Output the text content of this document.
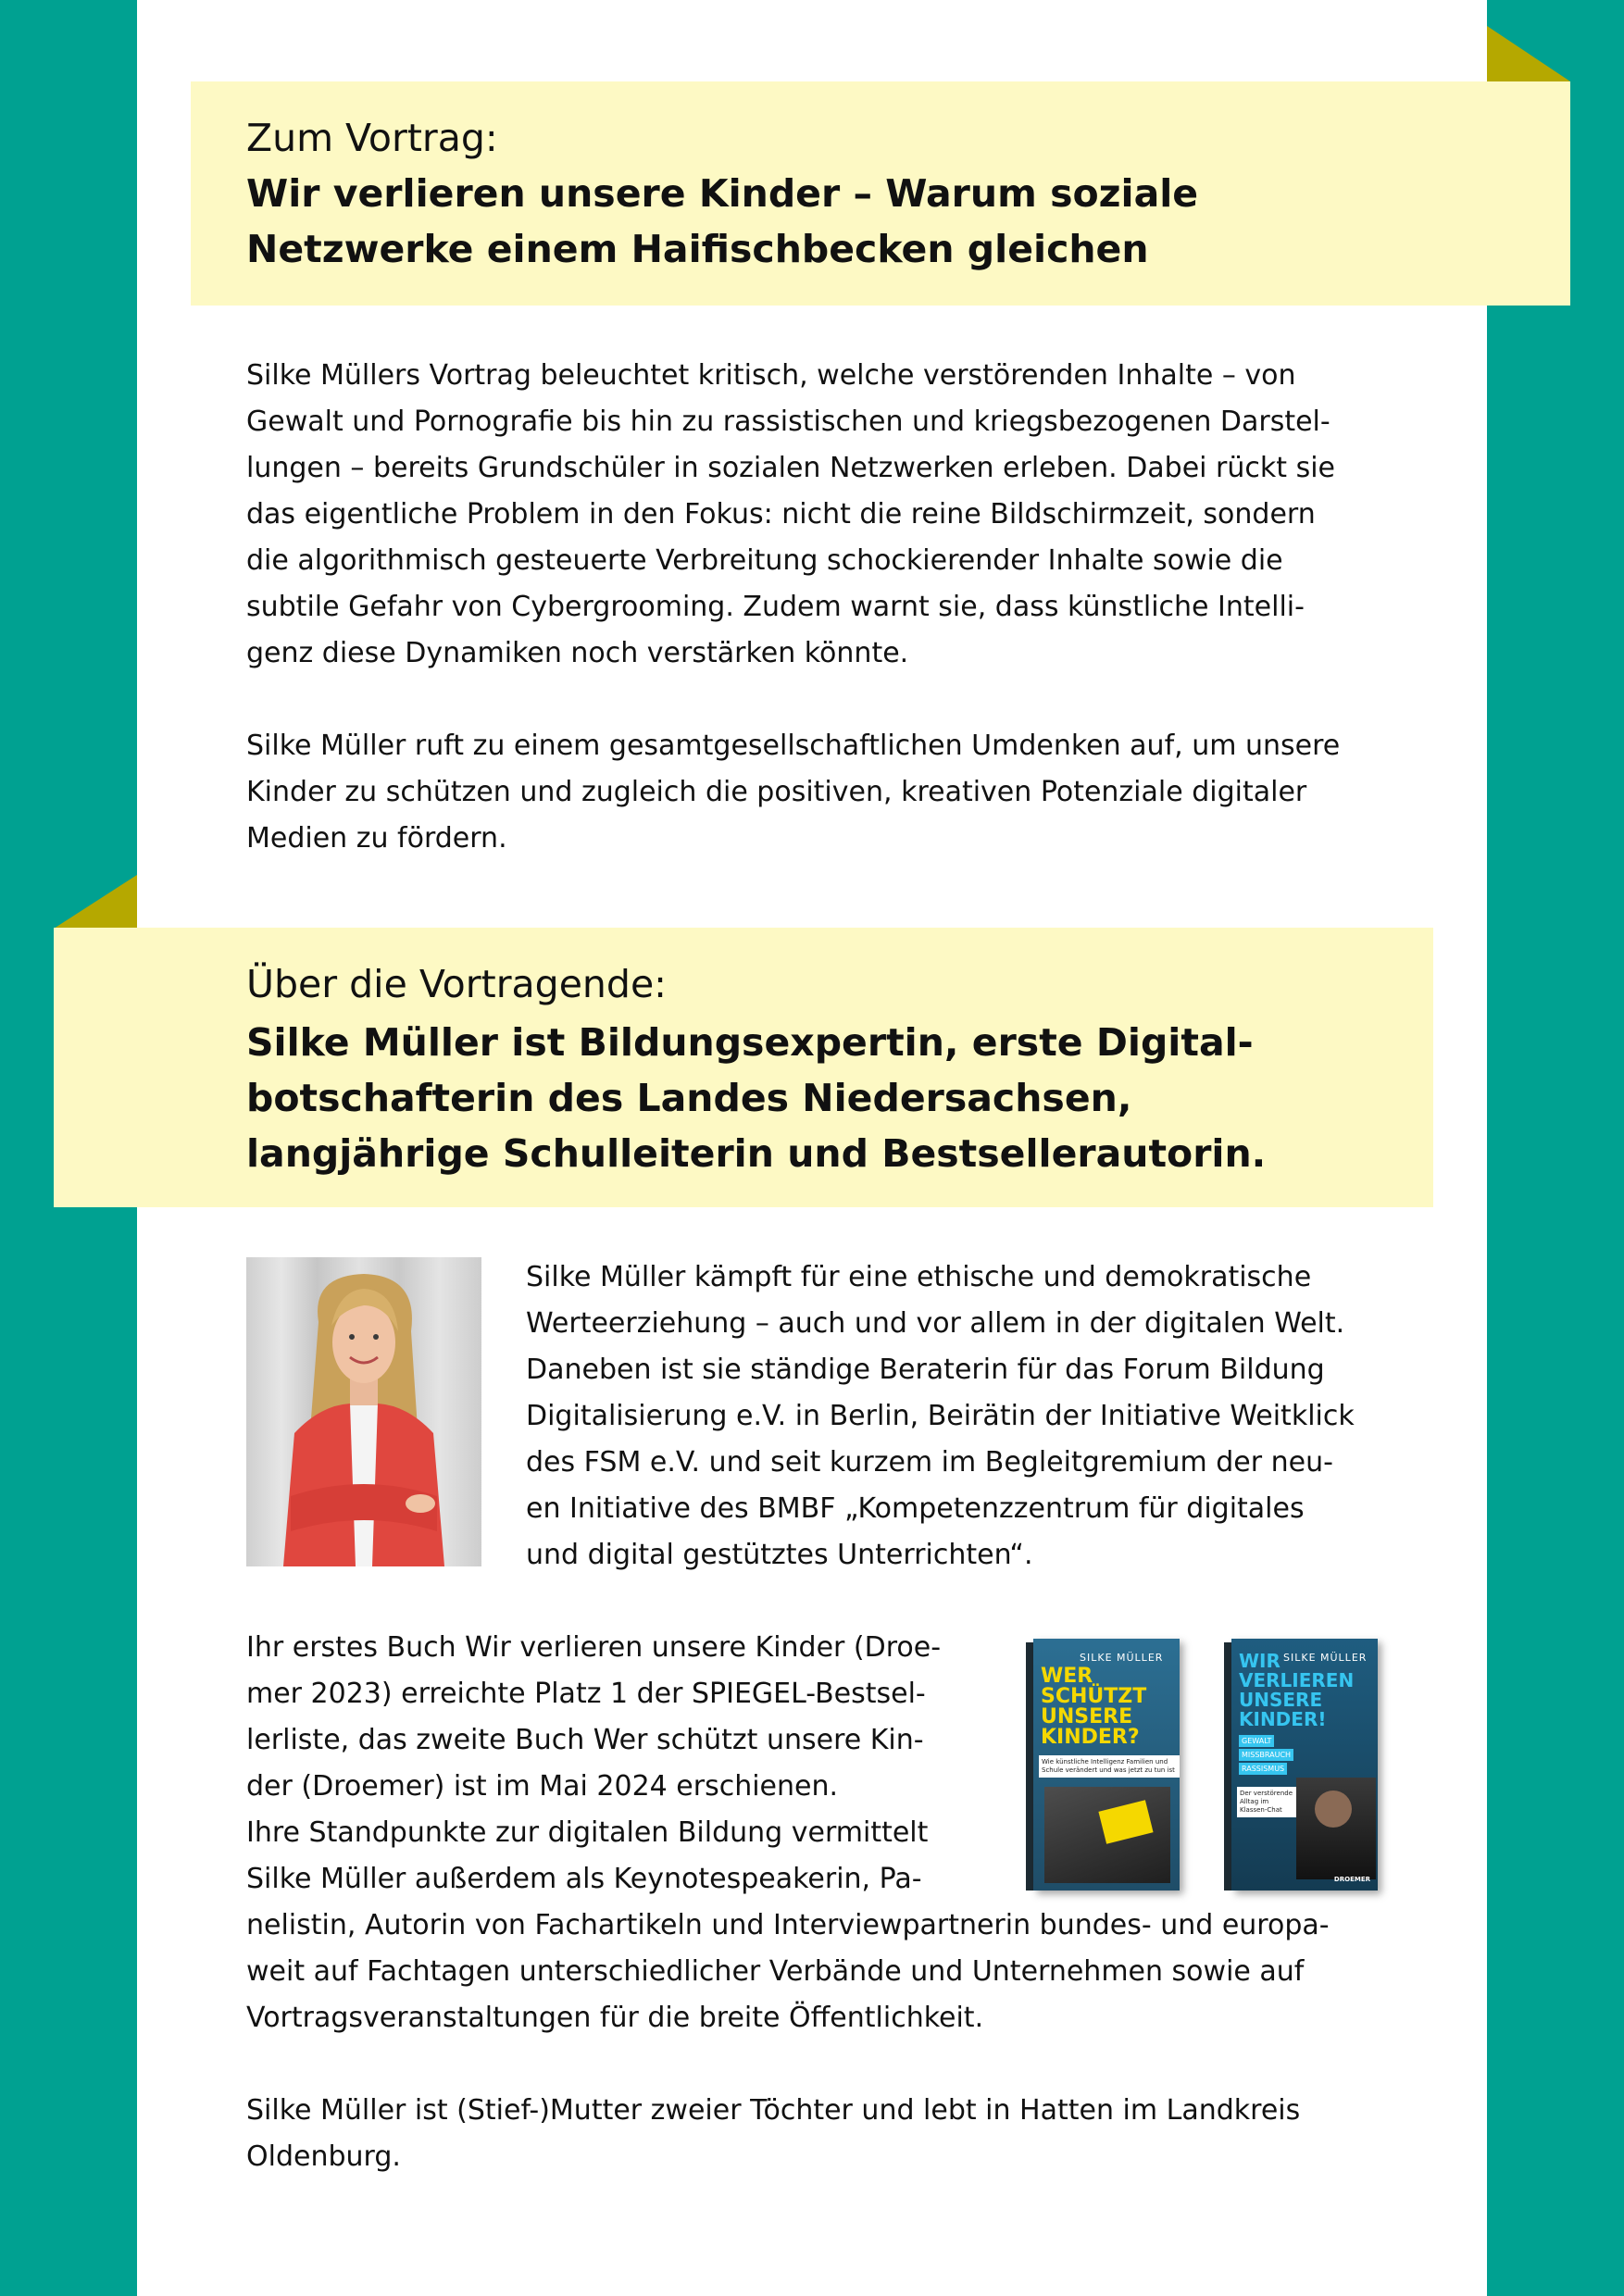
Zum Vortrag:
Wir verlieren unsere Kinder – Warum soziale
Netzwerke einem Haifischbecken gleichen
Silke Müllers Vortrag beleuchtet kritisch, welche verstörenden Inhalte – von
Gewalt und Pornografie bis hin zu rassistischen und kriegsbezogenen Darstel-
lungen – bereits Grundschüler in sozialen Netzwerken erleben. Dabei rückt sie
das eigentliche Problem in den Fokus: nicht die reine Bildschirmzeit, sondern
die algorithmisch gesteuerte Verbreitung schockierender Inhalte sowie die
subtile Gefahr von Cybergrooming. Zudem warnt sie, dass künstliche Intelli-
genz diese Dynamiken noch verstärken könnte.
Silke Müller ruft zu einem gesamtgesellschaftlichen Umdenken auf, um unsere
Kinder zu schützen und zugleich die positiven, kreativen Potenziale digitaler
Medien zu fördern.
Über die Vortragende:
Silke Müller ist Bildungsexpertin, erste Digital-
botschafterin des Landes Niedersachsen,
langjährige Schulleiterin und Bestsellerautorin.
Silke Müller kämpft für eine ethische und demokratische
Werteerziehung – auch und vor allem in der digitalen Welt.
Daneben ist sie ständige Beraterin für das Forum Bildung
Digitalisierung e.V. in Berlin, Beirätin der Initiative Weitklick
des FSM e.V. und seit kurzem im Begleitgremium der neu-
en Initiative des BMBF „Kompetenzzentrum für digitales
und digital gestütztes Unterrichten“.
Ihr erstes Buch Wir verlieren unsere Kinder (Droe-
mer 2023) erreichte Platz 1 der SPIEGEL-Bestsel-
lerliste, das zweite Buch Wer schützt unsere Kin-
der (Droemer) ist im Mai 2024 erschienen.
Ihre Standpunkte zur digitalen Bildung vermittelt
Silke Müller außerdem als Keynotespeakerin, Pa-
nelistin, Autorin von Fachartikeln und Interviewpartnerin bundes- und europa-
weit auf Fachtagen unterschiedlicher Verbände und Unternehmen sowie auf
Vortragsveranstaltungen für die breite Öffentlichkeit.
SILKE MÜLLER
WER
SCHÜTZT
UNSERE
KINDER?
Wie künstliche Intelligenz Familien und Schule verändert und was jetzt zu tun ist
SILKE MÜLLER
WIR
VERLIEREN
UNSERE
KINDER!
GEWALT
MISSBRAUCH
RASSISMUS
Der verstörende Alltag im Klassen-Chat
DROEMER
Silke Müller ist (Stief-)Mutter zweier Töchter und lebt in Hatten im Landkreis
Oldenburg.
